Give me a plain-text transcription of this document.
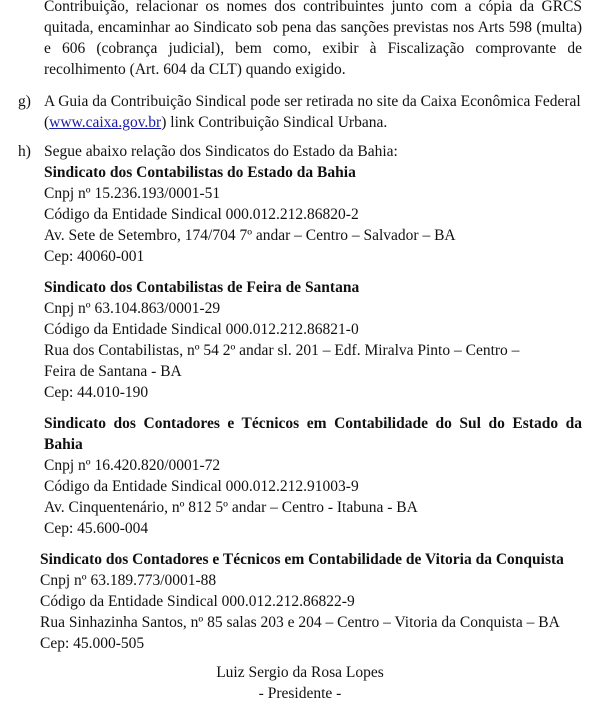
Contribuição, relacionar os nomes dos contribuintes junto com a cópia da GRCS
quitada, encaminhar ao Sindicato sob pena das sanções previstas nos Arts 598 (multa)
e 606 (cobrança judicial), bem como, exibir à Fiscalização comprovante de
recolhimento (Art. 604 da CLT) quando exigido.
g) A Guia da Contribuição Sindical pode ser retirada no site da Caixa Econômica Federal
(www.caixa.gov.br) link Contribuição Sindical Urbana.
h) Segue abaixo relação dos Sindicatos do Estado da Bahia:
Sindicato dos Contabilistas do Estado da Bahia
Cnpj nº 15.236.193/0001-51
Código da Entidade Sindical 000.012.212.86820-2
Av. Sete de Setembro, 174/704 7º andar – Centro – Salvador – BA
Cep: 40060-001
Sindicato dos Contabilistas de Feira de Santana
Cnpj nº 63.104.863/0001-29
Código da Entidade Sindical 000.012.212.86821-0
Rua dos Contabilistas, nº 54 2º andar sl. 201 – Edf. Miralva Pinto – Centro –
Feira de Santana - BA
Cep: 44.010-190
Sindicato dos Contadores e Técnicos em Contabilidade do Sul do Estado da
Bahia
Cnpj nº 16.420.820/0001-72
Código da Entidade Sindical 000.012.212.91003-9
Av. Cinquentenário, nº 812 5º andar – Centro - Itabuna - BA
Cep: 45.600-004
Sindicato dos Contadores e Técnicos em Contabilidade de Vitoria da Conquista
Cnpj nº 63.189.773/0001-88
Código da Entidade Sindical 000.012.212.86822-9
Rua Sinhazinha Santos, nº 85 salas 203 e 204 – Centro – Vitoria da Conquista – BA
Cep: 45.000-505
Luiz Sergio da Rosa Lopes
- Presidente -
